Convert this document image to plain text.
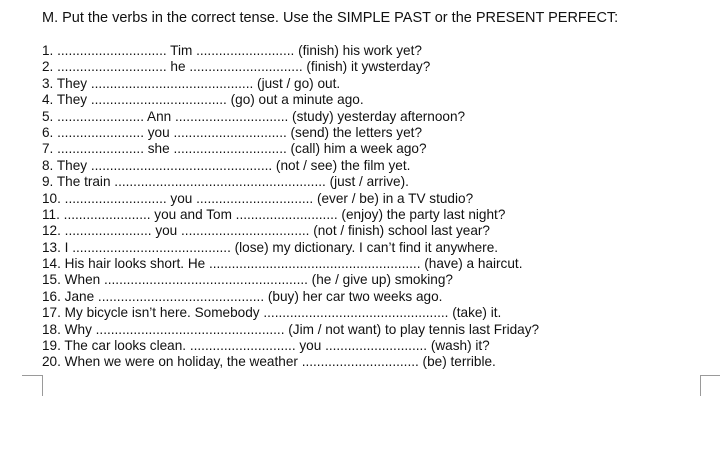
M. Put the verbs in the correct tense. Use the SIMPLE PAST or the PRESENT PERFECT:
1. ............................. Tim .......................... (finish) his work yet?
2. ............................. he .............................. (finish) it ywsterday?
3. They ........................................... (just / go) out.
4. They .................................... (go) out a minute ago.
5. ....................... Ann .............................. (study) yesterday afternoon?
6. ....................... you .............................. (send) the letters yet?
7. ....................... she .............................. (call) him a week ago?
8. They ................................................ (not / see) the film yet.
9. The train ........................................................ (just / arrive).
10. ........................... you ............................... (ever / be) in a TV studio?
11. ....................... you and Tom ........................... (enjoy) the party last night?
12. ....................... you .................................. (not / finish) school last year?
13. I .......................................... (lose) my dictionary. I can’t find it anywhere.
14. His hair looks short. He ........................................................ (have) a haircut.
15. When ...................................................... (he / give up) smoking?
16. Jane ............................................ (buy) her car two weeks ago.
17. My bicycle isn’t here. Somebody ................................................. (take) it.
18. Why .................................................. (Jim / not want) to play tennis last Friday?
19. The car looks clean. ............................ you ........................... (wash) it?
20. When we were on holiday, the weather ............................... (be) terrible.
